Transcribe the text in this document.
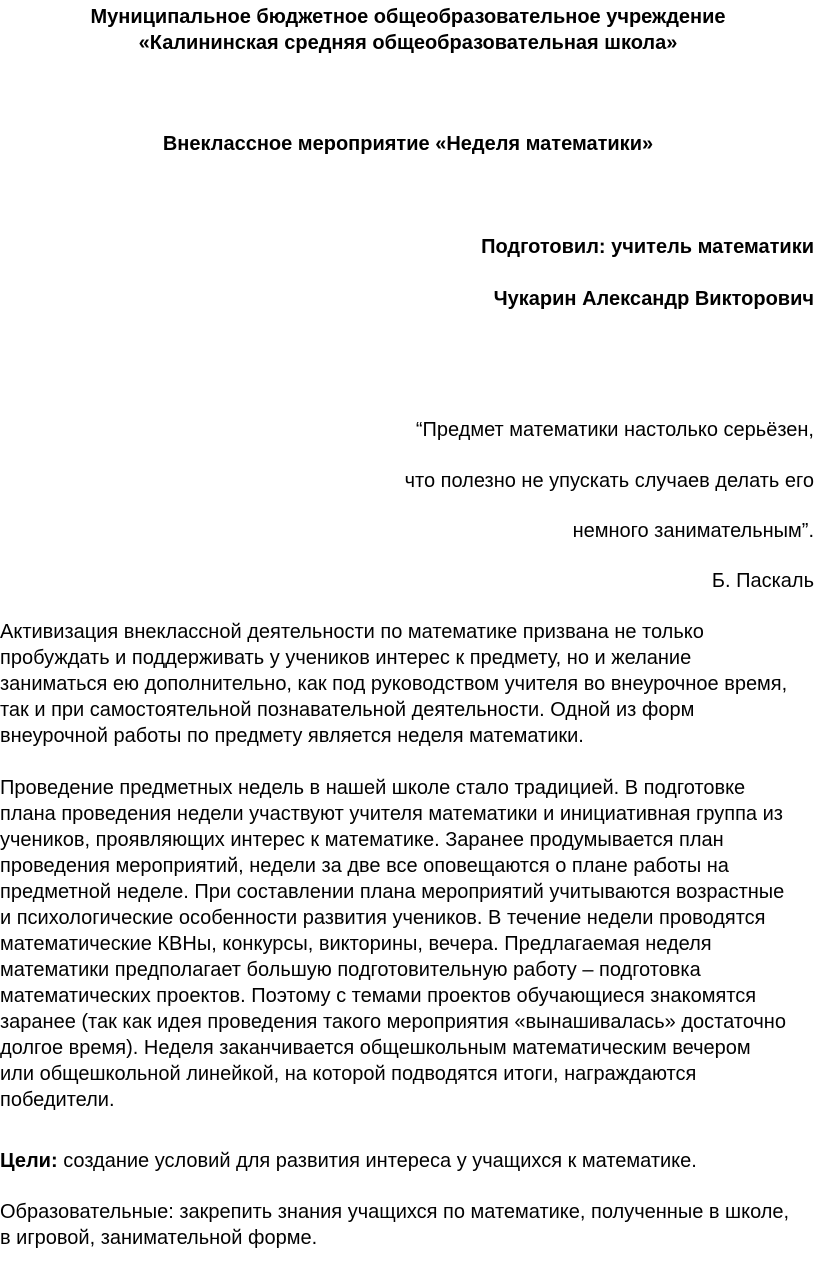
Муниципальное бюджетное общеобразовательное учреждение
«Калининская средняя общеобразовательная школа»
Внеклассное мероприятие «Неделя математики»
Подготовил: учитель математики
Чукарин Александр Викторович
“Предмет математики настолько серьёзен,
что полезно не упускать случаев делать его
немного занимательным”.
Б. Паскаль

Активизация внеклассной деятельности по математике призвана не только пробуждать и поддерживать у учеников интерес к предмету, но и желание заниматься ею дополнительно, как под руководством учителя во внеурочное время, так и при самостоятельной познавательной деятельности. Одной из форм внеурочной работы по предмету является неделя математики.

Проведение предметных недель в нашей школе стало традицией. В подготовке плана проведения недели участвуют учителя математики и инициативная группа из учеников, проявляющих интерес к математике. Заранее продумывается план проведения мероприятий, недели за две все оповещаются о плане работы на предметной неделе. При составлении плана мероприятий учитываются возрастные и психологические особенности развития учеников. В течение недели проводятся математические КВНы, конкурсы, викторины, вечера. Предлагаемая неделя математики предполагает большую подготовительную работу – подготовка математических проектов. Поэтому с темами проектов обучающиеся знакомятся заранее (так как идея проведения такого мероприятия «вынашивалась» достаточно долгое время). Неделя заканчивается общешкольным математическим вечером или общешкольной линейкой, на которой подводятся итоги, награждаются победители.

Цели: создание условий для развития интереса у учащихся к математике.

Образовательные: закрепить знания учащихся по математике, полученные в школе, в игровой, занимательной форме.
